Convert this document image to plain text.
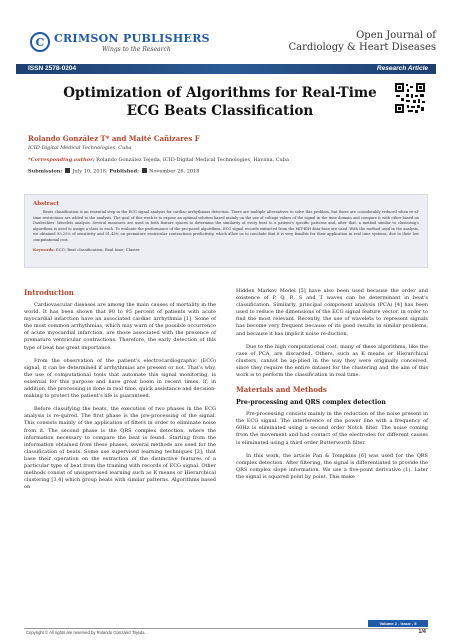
C CRIMSON PUBLISHERS
Wings to the Research
Open Journal of
Cardiology & Heart Diseases
ISSN 2578-0204	Research Article
Optimization of Algorithms for Real-Time
ECG Beats Classification
Rolando González T* and Maité Cañizares F
ICID-Digital Medical Technologies, Cuba
*Corresponding author: Rolando González Tejeda, ICID-Digital Medical Technologies, Havana, Cuba
Submission: July 10, 2018; Published: November 26, 2018
Abstract
Beats classification is an essential step in the ECG signal analysis for cardiac arrhythmias detection. There are multiple alternatives to solve this problem, but these are considerably reduced when re-al-time restrictions are added to the analysis. The goal of this work is to expose an optimal solution based mainly on the use of voltage values of the signal in the time domain and compare it with other based on Daubechies' Wavelets analysis. Several measures are used in both feature spaces to determine the similarity of every beat to a patient's specific patterns and, after that, a method similar to clustering's algorithms is used to assign a class to each. To evaluate the performance of the pro-posed algorithms, ECG signal records extracted from the MIT-BIH data-base are used. With the method used in the analysis, we obtained 93.25% of sensitivity and 91.43% on premature ventricular contractions predictivity, which allow us to conclude that it is very feasible for their application in real time systems, due to their low computational cost.
Keywords: ECG; Beat classification; Real time; Cluster
Introduction

Cardiovascular diseases are among the main causes of mortality in the world. It has been shown that 90 to 95 percent of patients with acute myocardial infarction have an associated cardiac arrhythmia [1]. Some of the most common arrhythmias, which may warn of the possible occurrence of acute myocardial infarction, are those associated with the presence of premature ventricular contractions. Therefore, the early detection of this type of beat has great importance.

From the observation of the patient's electrocardiographic (ECG) signal, it can be determined if arrhythmias are present or not. That's why, the use of computational tools that automate this signal monitoring, is essential for this purpose and have great boom in recent times. If, in addition, the processing is done in real time, quick assistance and decision-making to protect the patient's life is guaranteed.

Before classifying the beats, the execution of two phases in the ECG analysis is re-quired. The first phase is the pre-processing of the signal. This consists mainly of the application of filters in order to eliminate noise from it. The second phase is the QRS complex detection, where the information necessary to compare the beat is found. Starting from the information obtained from these phases, several methods are used for the classification of beats. Some use supervised learning techniques [2]; that base their operation on the extraction of the distinctive features of a particular type of beat from the training with records of ECG signal. Other methods consist of unsupervised learning such as K means or Hierarchical clustering [3,4] which group beats with similar patterns. Algorithms based on

Hidden Markov Model [5] have also been used because the order and existence of P, Q, R, S and T waves can be determinant in beat's classification. Similarly, principal component analysis (PCA) [4] has been used to reduce the dimensions of the ECG signal feature vector, in order to find the most relevant. Recently, the use of wavelets to represent signals has become very frequent because of its good results in similar problems, and because it has implicit noise re-duction.

Due to the high computational cost, many of these algorithms, like the case of PCA, are discarded. Others, such as K means or Hierarchical clusters, cannot be ap-plied in the way they were originally conceived, since they require the entire dataset for the clustering and the aim of this work is to perform the classification in real time.

Materials and Methods
Pre-processing and QRS complex detection

Pre-processing consists mainly in the reduction of the noise present in the ECG signal. The interference of the power line with a frequency of 60Hz is eliminated using a second order Notch filter. The noise coming from the movement and bad contact of the electrodes for different causes is eliminated using a third order Butterworth filter.

In this work, the article Pan & Tompkins [6] was used for the QRS complex detection. After filtering, the signal is differentiated to provide the QRS complex slope information. We use a five-point derivative (1). Later the signal is squared point by point. This make

Volume 2 - Issue - 5
Copyright © All rights are reserved by Rolando González Tejeda.	1/4
